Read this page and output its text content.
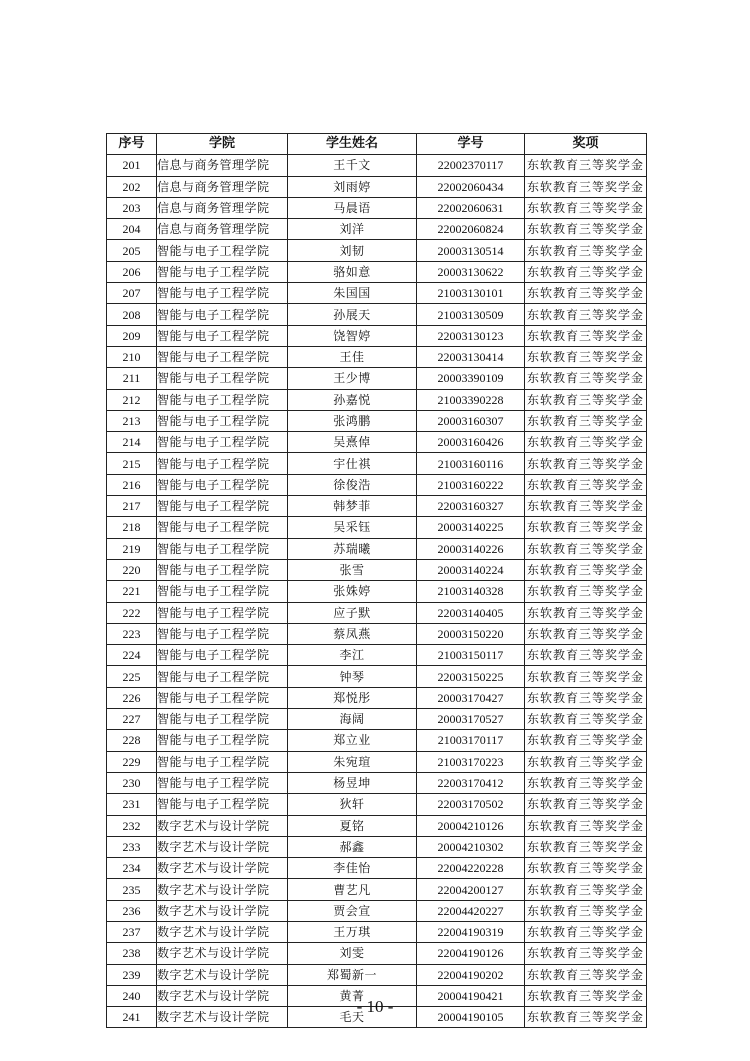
序号	学院	学生姓名	学号	奖项
201	信息与商务管理学院	王千文	22002370117	东软教育三等奖学金
202	信息与商务管理学院	刘雨婷	22002060434	东软教育三等奖学金
203	信息与商务管理学院	马晨语	22002060631	东软教育三等奖学金
204	信息与商务管理学院	刘洋	22002060824	东软教育三等奖学金
205	智能与电子工程学院	刘韧	20003130514	东软教育三等奖学金
206	智能与电子工程学院	骆如意	20003130622	东软教育三等奖学金
207	智能与电子工程学院	朱国国	21003130101	东软教育三等奖学金
208	智能与电子工程学院	孙展天	21003130509	东软教育三等奖学金
209	智能与电子工程学院	饶智婷	22003130123	东软教育三等奖学金
210	智能与电子工程学院	王佳	22003130414	东软教育三等奖学金
211	智能与电子工程学院	王少博	20003390109	东软教育三等奖学金
212	智能与电子工程学院	孙嘉悦	21003390228	东软教育三等奖学金
213	智能与电子工程学院	张鸿鹏	20003160307	东软教育三等奖学金
214	智能与电子工程学院	吴熹倬	20003160426	东软教育三等奖学金
215	智能与电子工程学院	宇仕祺	21003160116	东软教育三等奖学金
216	智能与电子工程学院	徐俊浩	21003160222	东软教育三等奖学金
217	智能与电子工程学院	韩梦菲	22003160327	东软教育三等奖学金
218	智能与电子工程学院	吴采钰	20003140225	东软教育三等奖学金
219	智能与电子工程学院	苏瑞曦	20003140226	东软教育三等奖学金
220	智能与电子工程学院	张雪	20003140224	东软教育三等奖学金
221	智能与电子工程学院	张姝婷	21003140328	东软教育三等奖学金
222	智能与电子工程学院	应子默	22003140405	东软教育三等奖学金
223	智能与电子工程学院	蔡凤燕	20003150220	东软教育三等奖学金
224	智能与电子工程学院	李江	21003150117	东软教育三等奖学金
225	智能与电子工程学院	钟琴	22003150225	东软教育三等奖学金
226	智能与电子工程学院	郑悦彤	20003170427	东软教育三等奖学金
227	智能与电子工程学院	海阔	20003170527	东软教育三等奖学金
228	智能与电子工程学院	郑立业	21003170117	东软教育三等奖学金
229	智能与电子工程学院	朱宛瑄	21003170223	东软教育三等奖学金
230	智能与电子工程学院	杨昱坤	22003170412	东软教育三等奖学金
231	智能与电子工程学院	狄轩	22003170502	东软教育三等奖学金
232	数字艺术与设计学院	夏铭	20004210126	东软教育三等奖学金
233	数字艺术与设计学院	郝鑫	20004210302	东软教育三等奖学金
234	数字艺术与设计学院	李佳怡	22004220228	东软教育三等奖学金
235	数字艺术与设计学院	曹艺凡	22004200127	东软教育三等奖学金
236	数字艺术与设计学院	贾会宣	22004420227	东软教育三等奖学金
237	数字艺术与设计学院	王万琪	22004190319	东软教育三等奖学金
238	数字艺术与设计学院	刘雯	22004190126	东软教育三等奖学金
239	数字艺术与设计学院	郑蜀新一	22004190202	东软教育三等奖学金
240	数字艺术与设计学院	黄菁	20004190421	东软教育三等奖学金
241	数字艺术与设计学院	毛天	20004190105	东软教育三等奖学金
- 10 -
